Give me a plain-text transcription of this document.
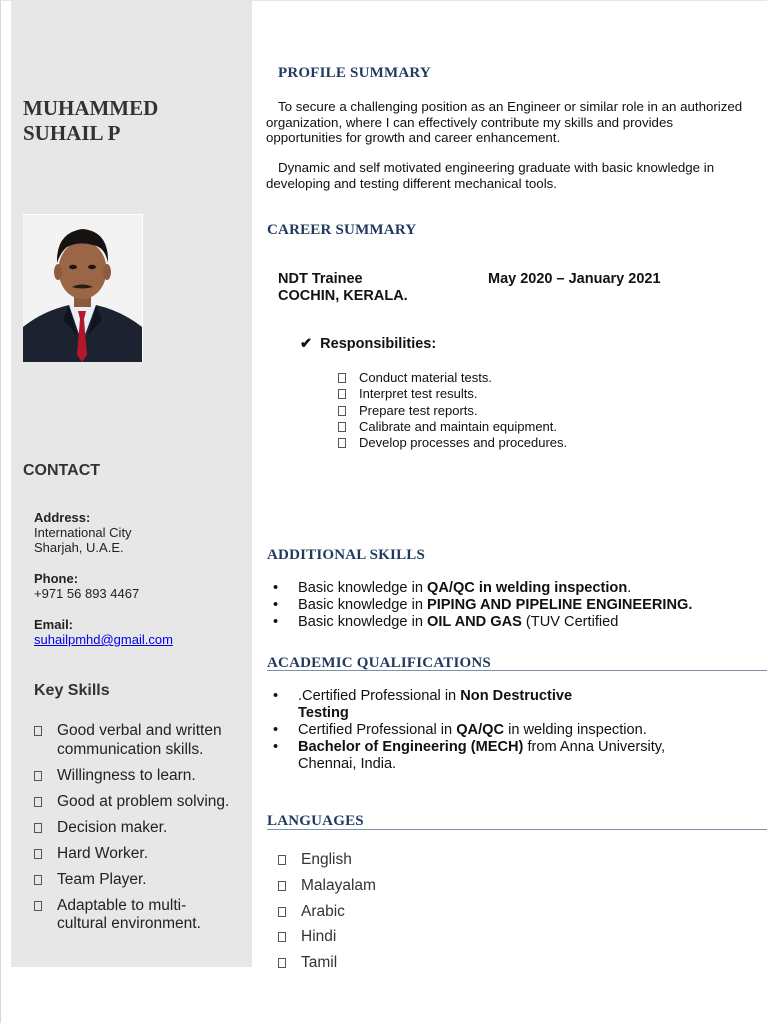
MUHAMMED
SUHAIL P
CONTACT
Address:
International City
Sharjah, U.A.E.
Phone:
+971 56 893 4467
Email:
suhailpmhd@gmail.com
Key Skills
Good verbal and written communication skills.
Willingness to learn.
Good at problem solving.
Decision maker.
Hard Worker.
Team Player.
Adaptable to multi-cultural environment.
PROFILE SUMMARY

To secure a challenging position as an Engineer or similar role in an authorized organization, where I can effectively contribute my skills and provides opportunities for growth and career enhancement.

Dynamic and self motivated engineering graduate with basic knowledge in developing and testing different mechanical tools.

CAREER SUMMARY
NDT Trainee	May 2020 – January 2021
COCHIN, KERALA.
✔ Responsibilities:
Conduct material tests.
Interpret test results.
Prepare test reports.
Calibrate and maintain equipment.
Develop processes and procedures.
ADDITIONAL SKILLS
• Basic knowledge in QA/QC in welding inspection.
• Basic knowledge in PIPING AND PIPELINE ENGINEERING.
• Basic knowledge in OIL AND GAS (TUV Certified
ACADEMIC QUALIFICATIONS
• .Certified Professional in Non Destructive Testing
• Certified Professional in QA/QC in welding inspection.
• Bachelor of Engineering (MECH) from Anna University, Chennai, India.
LANGUAGES
English
Malayalam
Arabic
Hindi
Tamil
